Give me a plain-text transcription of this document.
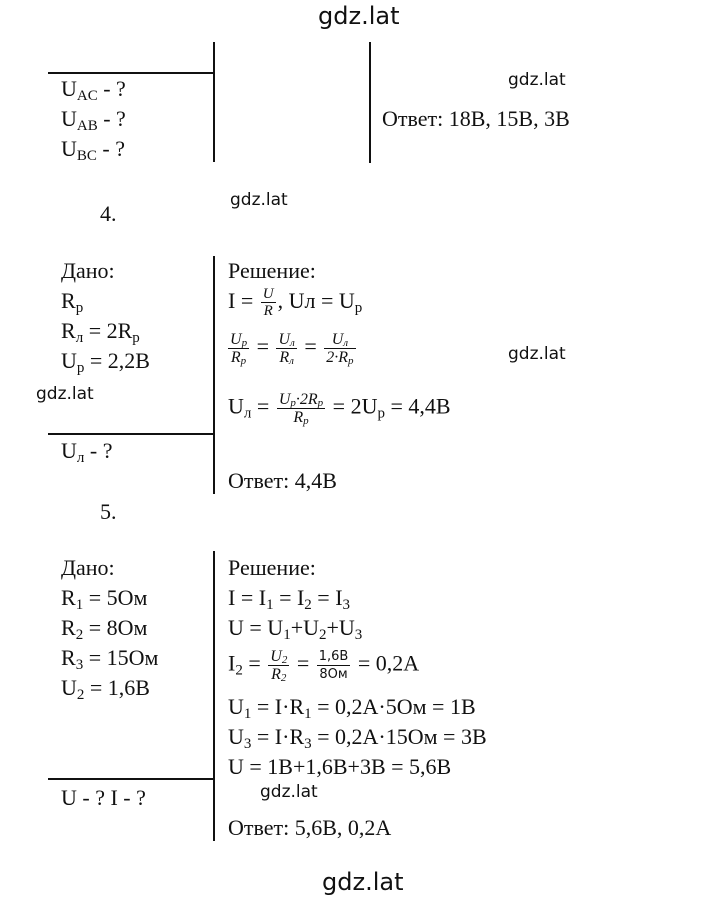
gdz.lat
gdz.lat
gdz.lat
gdz.lat
gdz.lat
gdz.lat
gdz.lat
$U_{AC}$ - ?
$U_{AB}$ - ?
$U_{BC}$ - ?
Ответ: 18В, 15В, 3В
4.
Дано:
$R_р$
$R_л = 2R_р$
$U_р = 2,2В$
$U_л$ - ?
Решение:
$I = \frac{U}{R}$ , Uл = $U_р$
$\frac{U_p}{R_p} = \frac{U_л}{R_л} = \frac{U_л}{2\cdot R_p}$
$U_л = \frac{U_p\cdot 2R_p}{R_p} = 2U_р = 4,4В$
Ответ: 4,4В
5.
Дано:
$R_1 = 5Ом$
$R_2 = 8Ом$
$R_3 = 15Ом$
$U_2 = 1,6В$
U - ? I - ?
Решение:
$I = I_1 = I_2 = I_3$
$U = U_1+U_2+U_3$
$I_2 = \frac{U_2}{R_2} = \frac{1,6В}{8Ом} = 0,2А$
$U_1 = I\cdot R_1 = 0,2А\cdot 5Ом = 1В$
$U_3 = I\cdot R_3 = 0,2А\cdot 15Ом = 3В$
U = 1В+1,6В+3В = 5,6В
Ответ: 5,6В, 0,2А
